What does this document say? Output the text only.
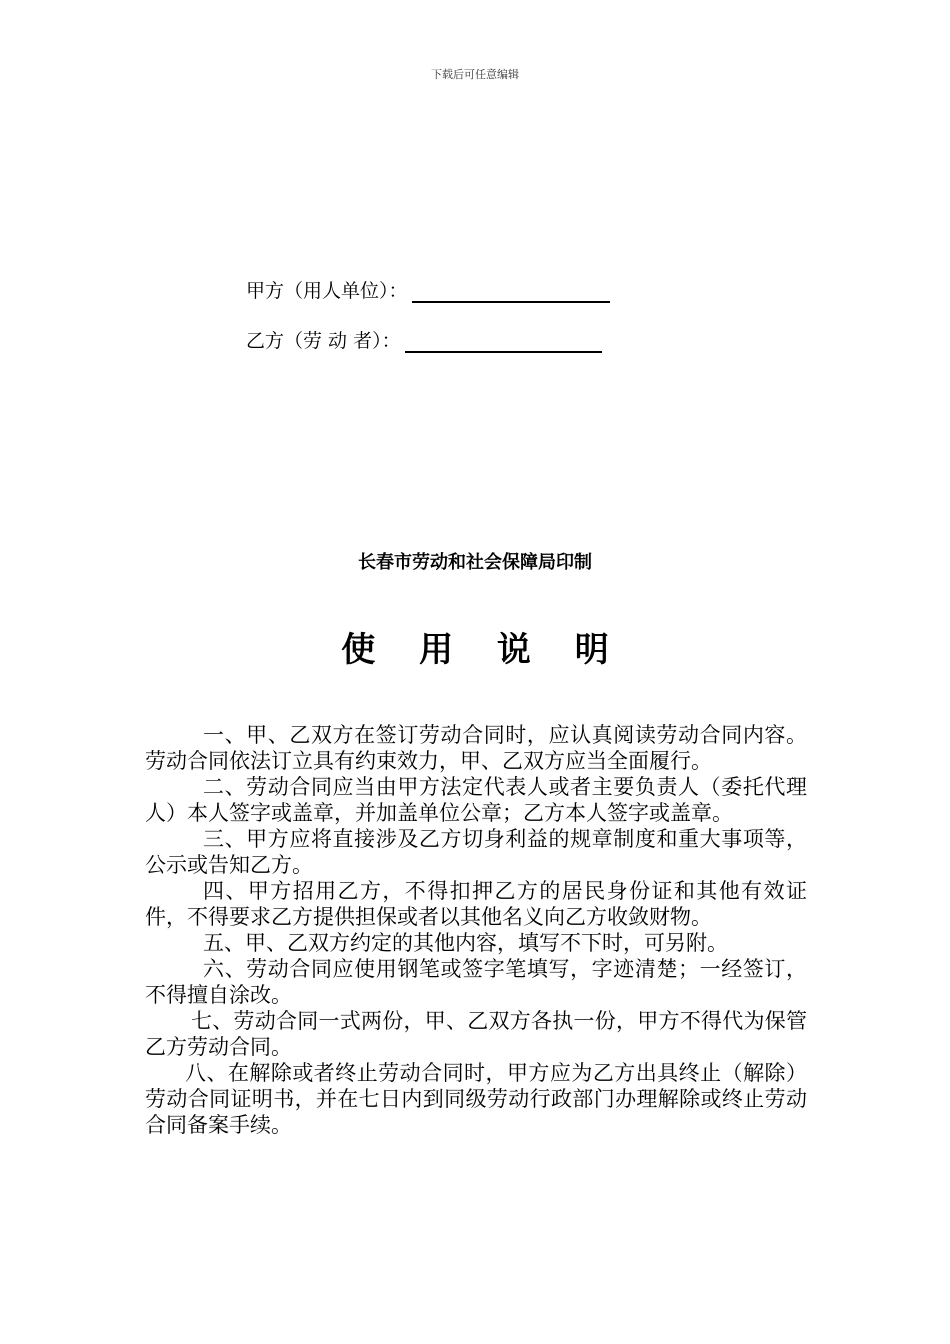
下载后可任意编辑
甲方（用人单位）：
乙方（劳 动 者）：
长春市劳动和社会保障局印制
使 用 说 明

一、甲、乙双方在签订劳动合同时，应认真阅读劳动合同内容。劳动合同依法订立具有约束效力，甲、乙双方应当全面履行。

二、劳动合同应当由甲方法定代表人或者主要负责人（委托代理人）本人签字或盖章，并加盖单位公章；乙方本人签字或盖章。

三、甲方应将直接涉及乙方切身利益的规章制度和重大事项等，公示或告知乙方。

四、甲方招用乙方，不得扣押乙方的居民身份证和其他有效证件，不得要求乙方提供担保或者以其他名义向乙方收敛财物。

五、甲、乙双方约定的其他内容，填写不下时，可另附。

六、劳动合同应使用钢笔或签字笔填写，字迹清楚；一经签订，不得擅自涂改。

七、劳动合同一式两份，甲、乙双方各执一份，甲方不得代为保管乙方劳动合同。

八、在解除或者终止劳动合同时，甲方应为乙方出具终止（解除）劳动合同证明书，并在七日内到同级劳动行政部门办理解除或终止劳动合同备案手续。
